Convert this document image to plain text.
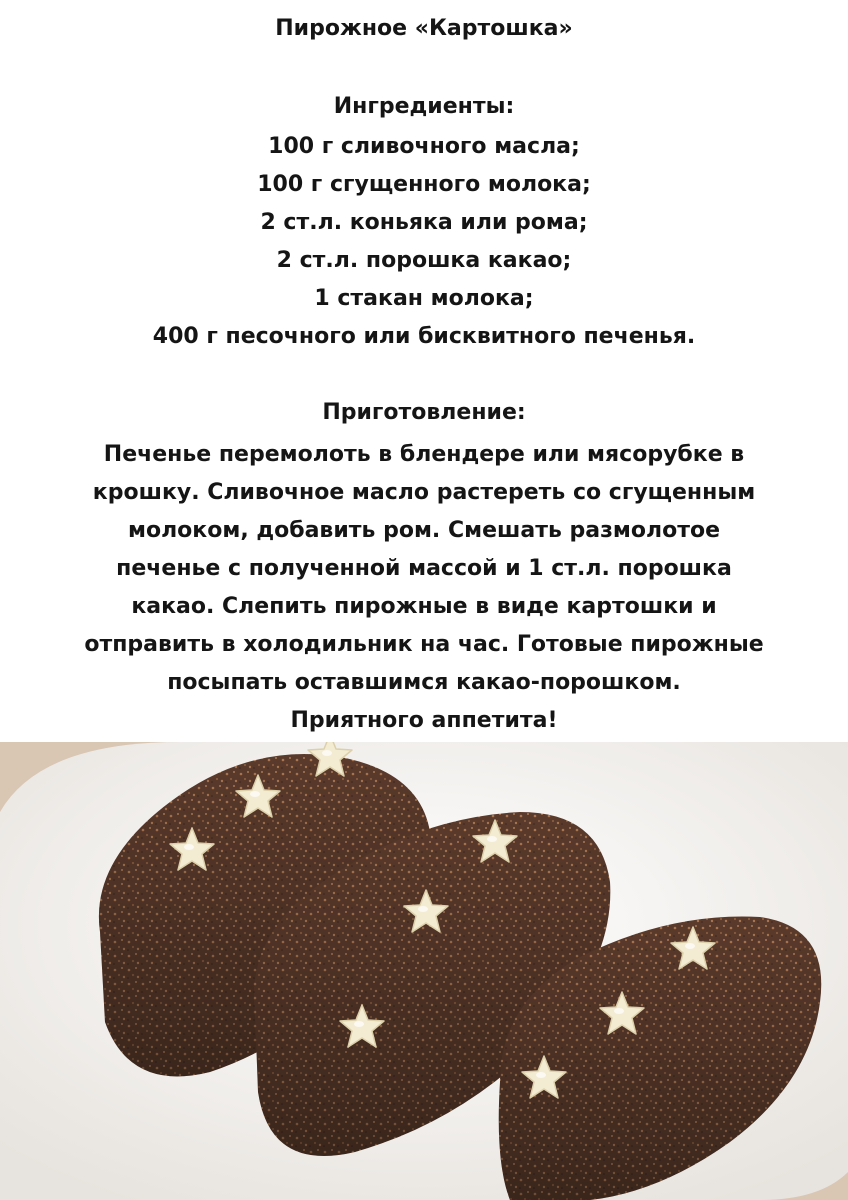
Пирожное «Картошка»
Ингредиенты:
100 г сливочного масла;
100 г сгущенного молока;
2 ст.л. коньяка или рома;
2 ст.л. порошка какао;
1 стакан молока;
400 г песочного или бисквитного печенья.
Приготовление:
Печенье перемолоть в блендере или мясорубке в
крошку. Сливочное масло растереть со сгущенным
молоком, добавить ром. Смешать размолотое
печенье с полученной массой и 1 ст.л. порошка
какао. Слепить пирожные в виде картошки и
отправить в холодильник на час. Готовые пирожные
посыпать оставшимся какао-порошком.
Приятного аппетита!
